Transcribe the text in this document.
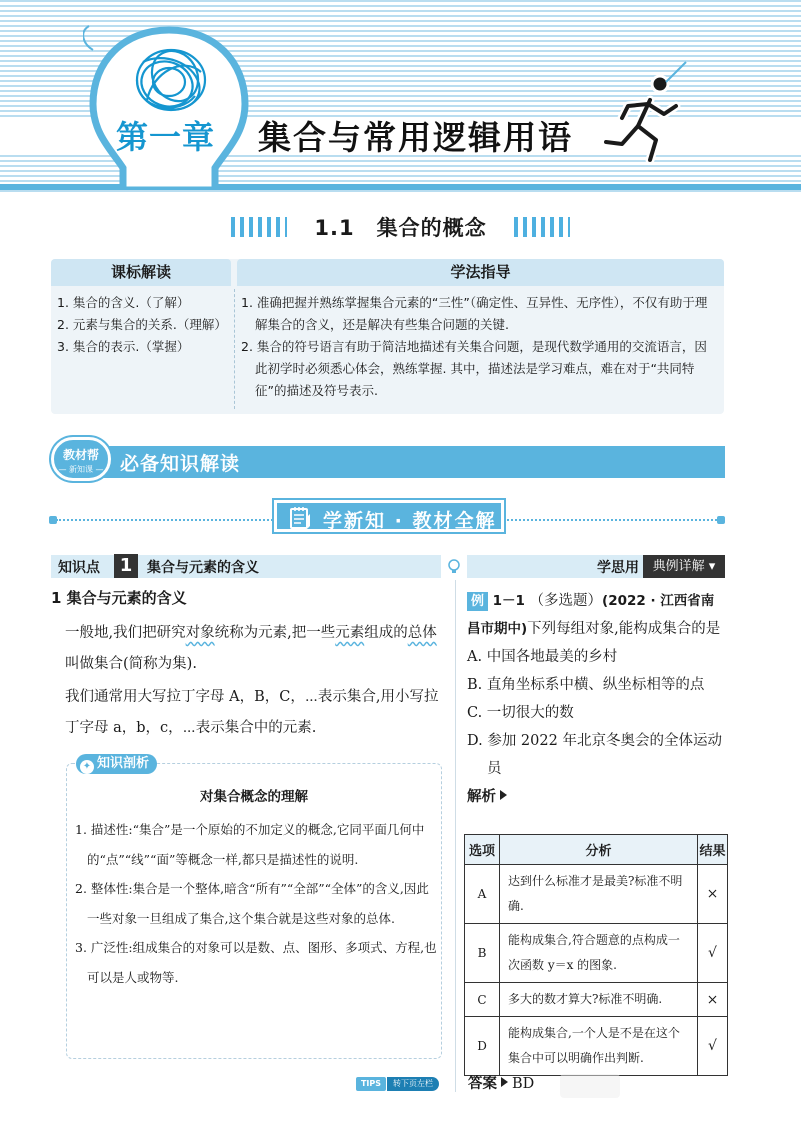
第一章 集合与常用逻辑用语
1.1　集合的概念
课标解读	学法指导
1. 集合的含义.（了解）
2. 元素与集合的关系.（理解）
3. 集合的表示.（掌握）
1. 准确把握并熟练掌握集合元素的“三性”（确定性、互异性、无序性），不仅有助于理解集合的含义，还是解决有些集合问题的关键.
2. 集合的符号语言有助于简洁地描述有关集合问题，是现代数学通用的交流语言，因此初学时必须悉心体会，熟练掌握. 其中，描述法是学习难点，难在对于“共同特征”的描述及符号表示.
必备知识解读
教材帮
— 新知课 —
学新知 · 教材全解
知识点	1	集合与元素的含义	学思用	典例详解 ▾
1 集合与元素的含义
一般地,我们把研究对象统称为元素,把一些元素组成的总体叫做集合(简称为集).
我们通常用大写拉丁字母 A，B，C，⋯表示集合,用小写拉丁字母 a，b，c，⋯表示集合中的元素.
✦ 知识剖析
对集合概念的理解
1. 描述性:“集合”是一个原始的不加定义的概念,它同平面几何中的“点”“线”“面”等概念一样,都只是描述性的说明.
2. 整体性:集合是一个整体,暗含“所有”“全部”“全体”的含义,因此一些对象一旦组成了集合,这个集合就是这些对象的总体.
3. 广泛性:组成集合的对象可以是数、点、图形、多项式、方程,也可以是人或物等.
TIPS	转下页左栏
例 1－1 （多选题）(2022 · 江西省南昌市期中)下列每组对象,能构成集合的是
A. 中国各地最美的乡村
B. 直角坐标系中横、纵坐标相等的点
C. 一切很大的数
D. 参加 2022 年北京冬奥会的全体运动员
解析
选项	分析	结果
A	达到什么标准才是最美?标准不明确.	×
B	能构成集合,符合题意的点构成一次函数 y＝x 的图象.	√
C	多大的数才算大?标准不明确.	×
D	能构成集合,一个人是不是在这个集合中可以明确作出判断.	√
答案 BD
